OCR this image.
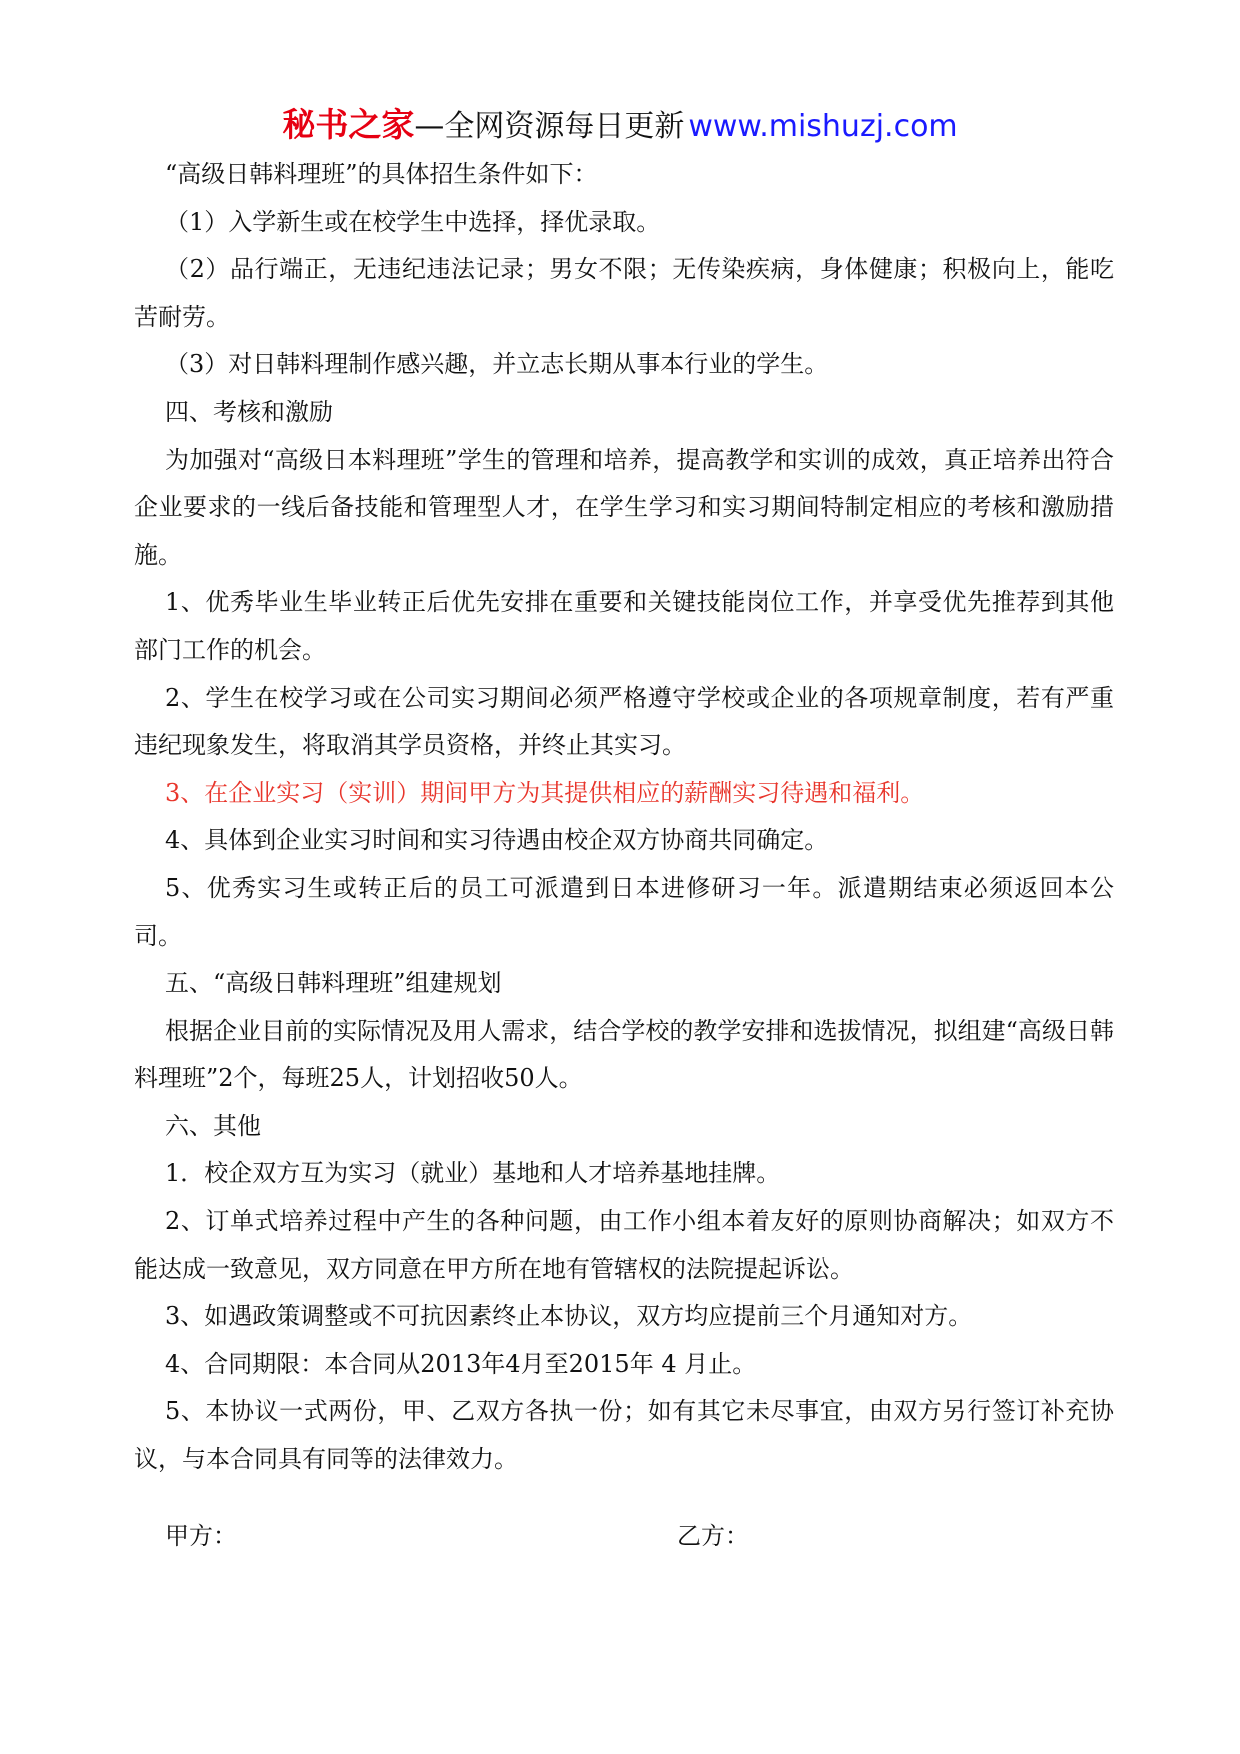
秘书之家—全网资源每日更新 www.mishuzj.com

“高级日韩料理班”的具体招生条件如下：

（1）入学新生或在校学生中选择，择优录取。

（2）品行端正，无违纪违法记录；男女不限；无传染疾病，身体健康；积极向上，能吃苦耐劳。

（3）对日韩料理制作感兴趣，并立志长期从事本行业的学生。

四、考核和激励

为加强对“高级日本料理班”学生的管理和培养，提高教学和实训的成效，真正培养出符合企业要求的一线后备技能和管理型人才，在学生学习和实习期间特制定相应的考核和激励措施。

1、优秀毕业生毕业转正后优先安排在重要和关键技能岗位工作，并享受优先推荐到其他部门工作的机会。

2、学生在校学习或在公司实习期间必须严格遵守学校或企业的各项规章制度，若有严重违纪现象发生，将取消其学员资格，并终止其实习。

3、在企业实习（实训）期间甲方为其提供相应的薪酬实习待遇和福利。

4、具体到企业实习时间和实习待遇由校企双方协商共同确定。

5、优秀实习生或转正后的员工可派遣到日本进修研习一年。派遣期结束必须返回本公司。

五、“高级日韩料理班”组建规划

根据企业目前的实际情况及用人需求，结合学校的教学安排和选拔情况，拟组建“高级日韩料理班”2个，每班25人，计划招收50人。

六、其他

1．校企双方互为实习（就业）基地和人才培养基地挂牌。

2、订单式培养过程中产生的各种问题，由工作小组本着友好的原则协商解决；如双方不能达成一致意见，双方同意在甲方所在地有管辖权的法院提起诉讼。

3、如遇政策调整或不可抗因素终止本协议，双方均应提前三个月通知对方。

4、合同期限：本合同从2013年4月至2015年 4 月止。

5、本协议一式两份，甲、乙双方各执一份；如有其它未尽事宜，由双方另行签订补充协议，与本合同具有同等的法律效力。

甲方：	乙方：
